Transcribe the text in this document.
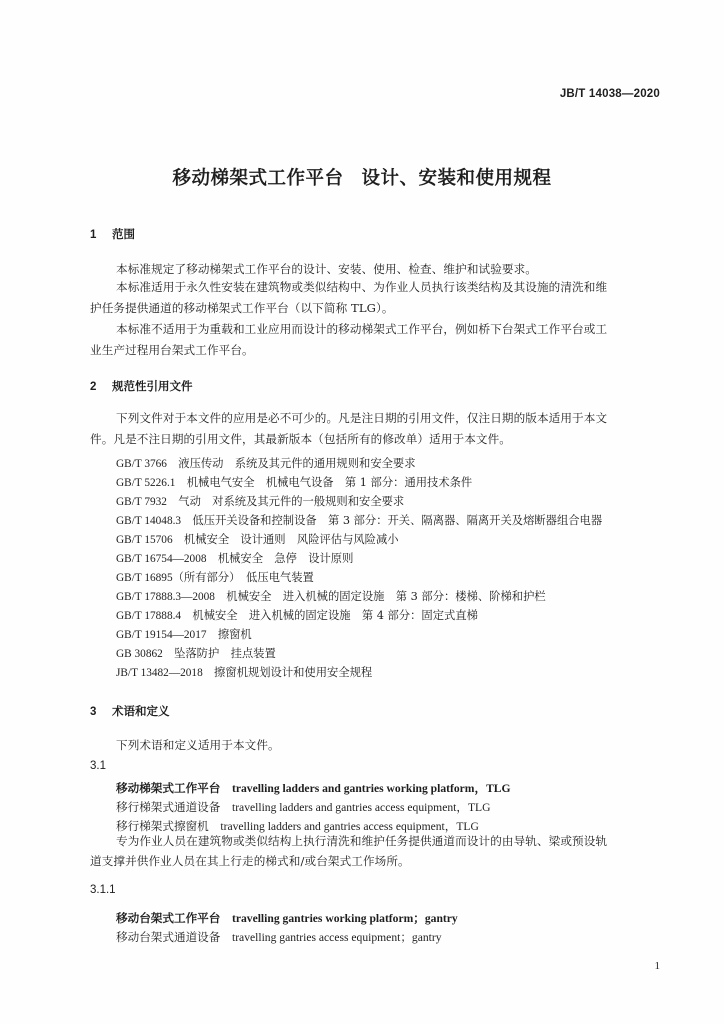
JB/T 14038—2020
移动梯架式工作平台 设计、安装和使用规程
1 范围
本标准规定了移动梯架式工作平台的设计、安装、使用、检查、维护和试验要求。
本标准适用于永久性安装在建筑物或类似结构中、为作业人员执行该类结构及其设施的清洗和维
护任务提供通道的移动梯架式工作平台（以下简称 TLG）。
本标准不适用于为重载和工业应用而设计的移动梯架式工作平台，例如桥下台架式工作平台或工
业生产过程用台架式工作平台。
2 规范性引用文件
下列文件对于本文件的应用是必不可少的。凡是注日期的引用文件，仅注日期的版本适用于本文
件。凡是不注日期的引用文件，其最新版本（包括所有的修改单）适用于本文件。
GB/T 3766　 液压传动　系统及其元件的通用规则和安全要求
GB/T 5226.1　 机械电气安全　机械电气设备　第 1 部分：通用技术条件
GB/T 7932　 气动　对系统及其元件的一般规则和安全要求
GB/T 14048.3　 低压开关设备和控制设备　第 3 部分：开关、隔离器、隔离开关及熔断器组合电器
GB/T 15706　 机械安全　设计通则　风险评估与风险减小
GB/T 16754—2008　 机械安全　急停　设计原则
GB/T 16895（所有部分）　 低压电气装置
GB/T 17888.3—2008　 机械安全　进入机械的固定设施　第 3 部分：楼梯、阶梯和护栏
GB/T 17888.4　 机械安全　进入机械的固定设施　第 4 部分：固定式直梯
GB/T 19154—2017　 擦窗机
GB 30862　 坠落防护　挂点装置
JB/T 13482—2018　 擦窗机规划设计和使用安全规程
3 术语和定义
下列术语和定义适用于本文件。
3.1
移动梯架式工作平台　 travelling ladders and gantries working platform，TLG
移行梯架式通道设备　 travelling ladders and gantries access equipment，TLG
移行梯架式擦窗机　 travelling ladders and gantries access equipment，TLG
专为作业人员在建筑物或类似结构上执行清洗和维护任务提供通道而设计的由导轨、梁或预设轨
道支撑并供作业人员在其上行走的梯式和/或台架式工作场所。
3.1.1
移动台架式工作平台　 travelling gantries working platform；gantry
移动台架式通道设备　 travelling gantries access equipment；gantry
1
